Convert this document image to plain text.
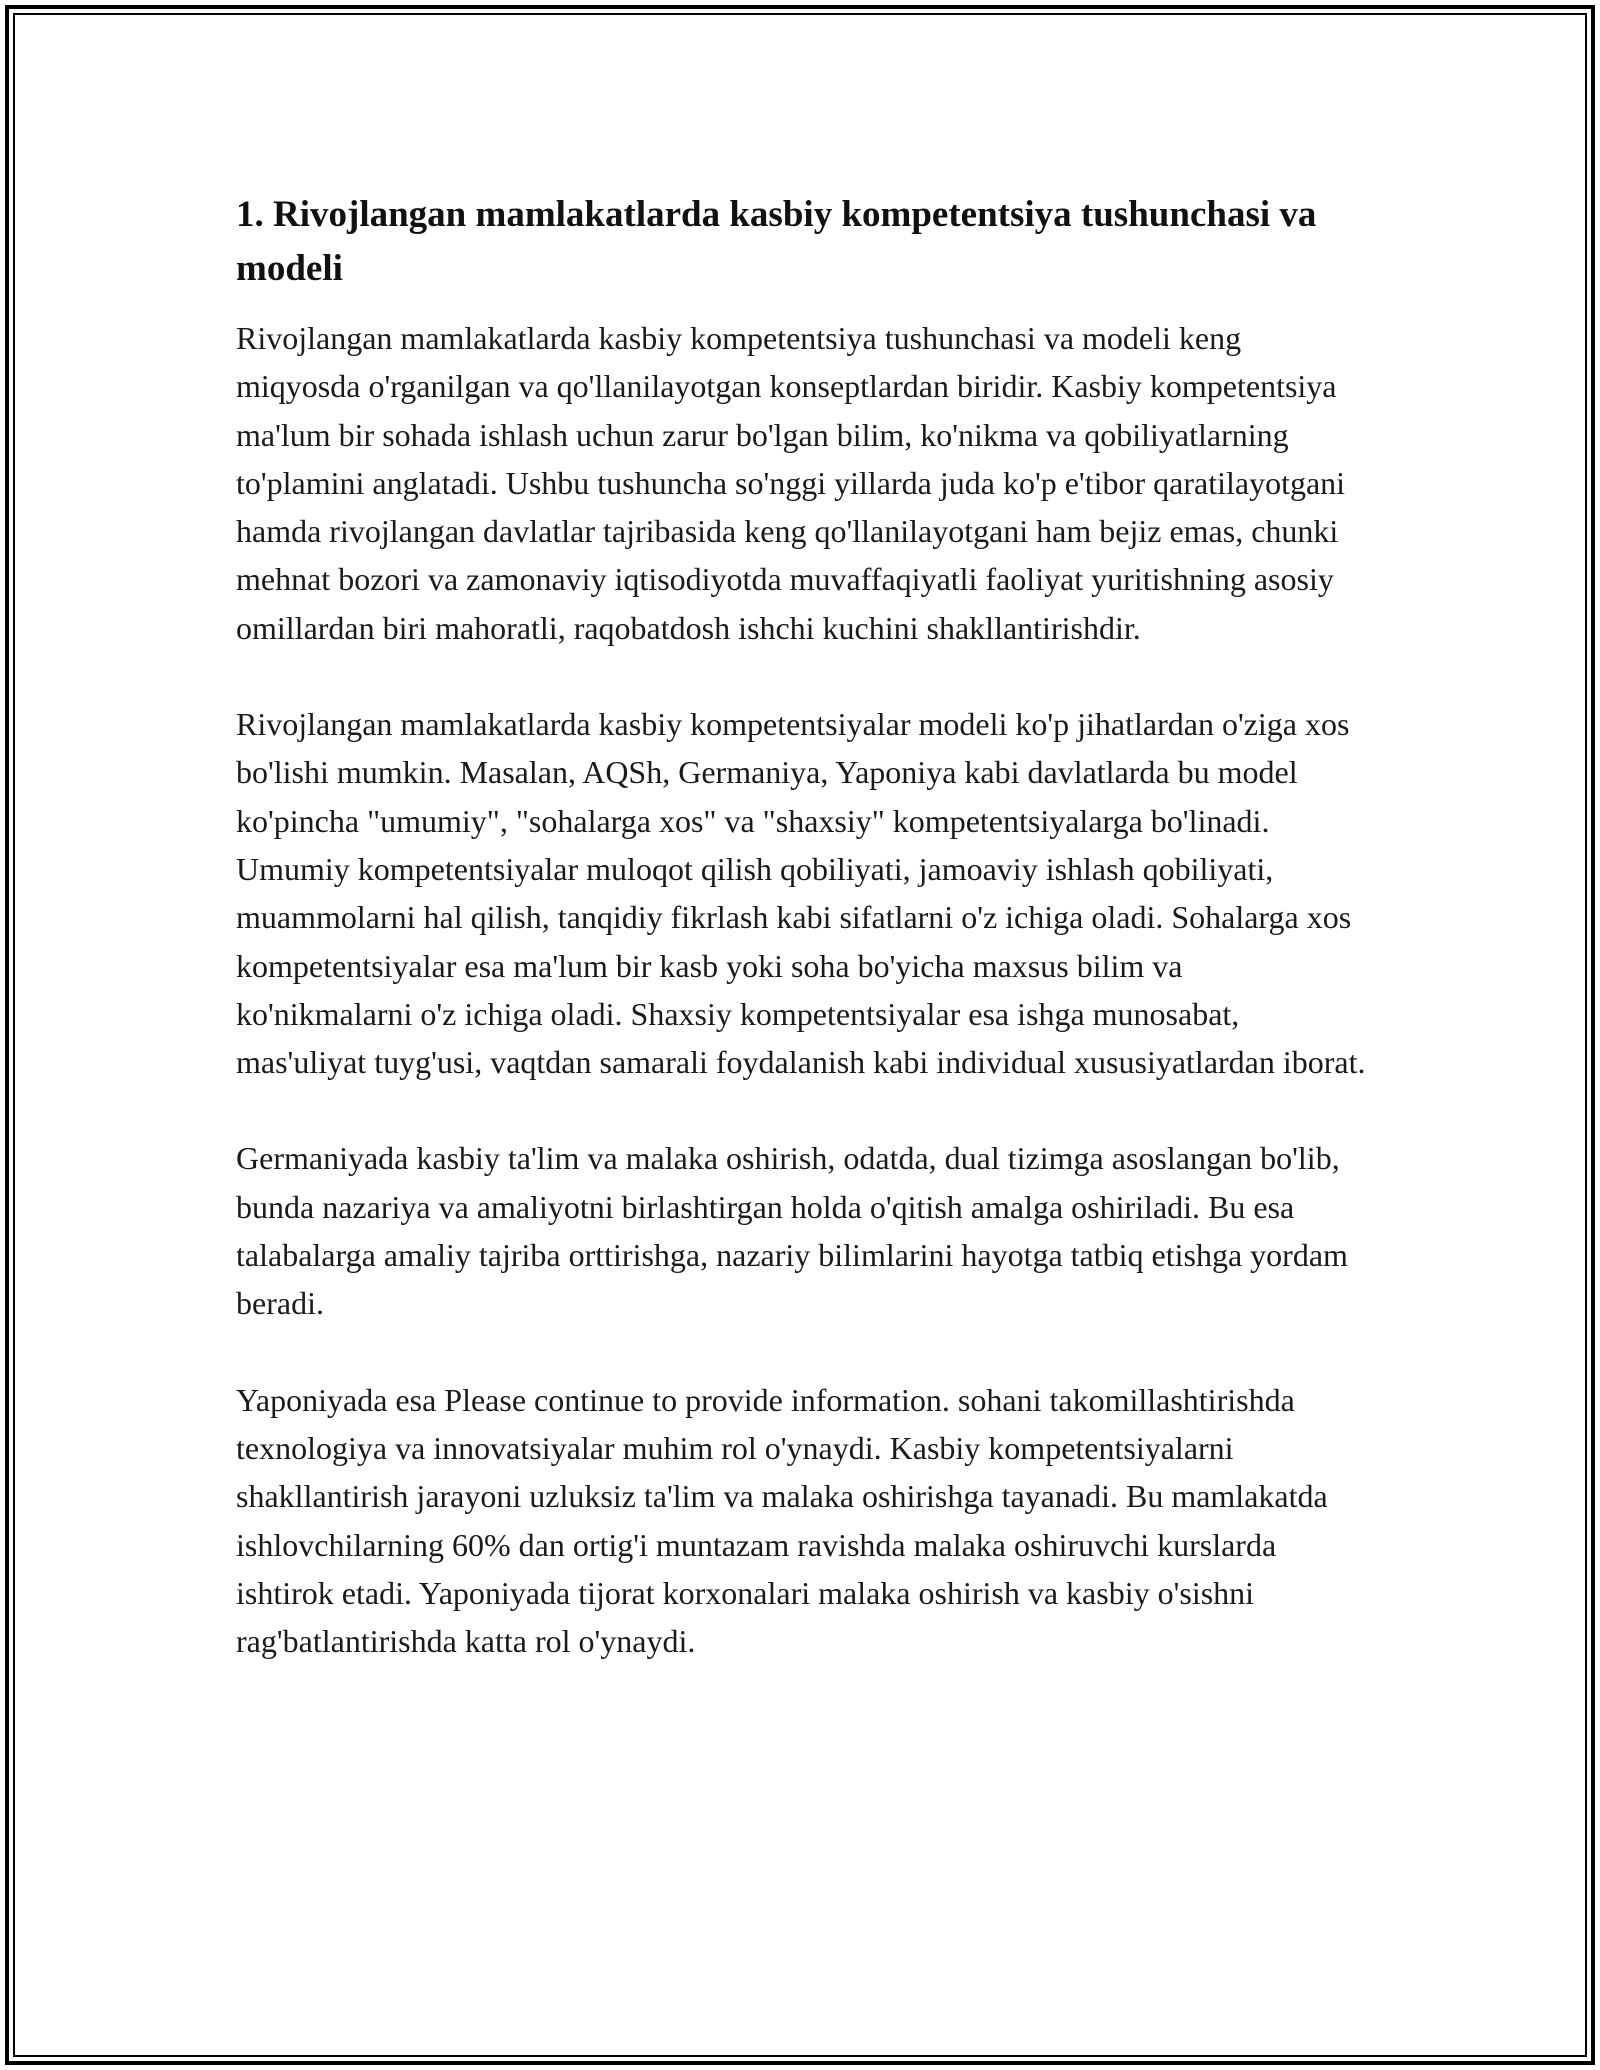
1. Rivojlangan mamlakatlarda kasbiy kompetentsiya tushunchasi va modeli

Rivojlangan mamlakatlarda kasbiy kompetentsiya tushunchasi va modeli keng miqyosda o'rganilgan va qo'llanilayotgan konseptlardan biridir. Kasbiy kompetentsiya ma'lum bir sohada ishlash uchun zarur bo'lgan bilim, ko'nikma va qobiliyatlarning to'plamini anglatadi. Ushbu tushuncha so'nggi yillarda juda ko'p e'tibor qaratilayotgani hamda rivojlangan davlatlar tajribasida keng qo'llanilayotgani ham bejiz emas, chunki mehnat bozori va zamonaviy iqtisodiyotda muvaffaqiyatli faoliyat yuritishning asosiy omillardan biri mahoratli, raqobatdosh ishchi kuchini shakllantirishdir.

Rivojlangan mamlakatlarda kasbiy kompetentsiyalar modeli ko'p jihatlardan o'ziga xos bo'lishi mumkin. Masalan, AQSh, Germaniya, Yaponiya kabi davlatlarda bu model ko'pincha "umumiy", "sohalarga xos" va "shaxsiy" kompetentsiyalarga bo'linadi. Umumiy kompetentsiyalar muloqot qilish qobiliyati, jamoaviy ishlash qobiliyati, muammolarni hal qilish, tanqidiy fikrlash kabi sifatlarni o'z ichiga oladi. Sohalarga xos kompetentsiyalar esa ma'lum bir kasb yoki soha bo'yicha maxsus bilim va ko'nikmalarni o'z ichiga oladi. Shaxsiy kompetentsiyalar esa ishga munosabat, mas'uliyat tuyg'usi, vaqtdan samarali foydalanish kabi individual xususiyatlardan iborat.

Germaniyada kasbiy ta'lim va malaka oshirish, odatda, dual tizimga asoslangan bo'lib, bunda nazariya va amaliyotni birlashtirgan holda o'qitish amalga oshiriladi. Bu esa talabalarga amaliy tajriba orttirishga, nazariy bilimlarini hayotga tatbiq etishga yordam beradi.

Yaponiyada esa Please continue to provide information. sohani takomillashtirishda texnologiya va innovatsiyalar muhim rol o'ynaydi. Kasbiy kompetentsiyalarni shakllantirish jarayoni uzluksiz ta'lim va malaka oshirishga tayanadi. Bu mamlakatda ishlovchilarning 60% dan ortig'i muntazam ravishda malaka oshiruvchi kurslarda ishtirok etadi. Yaponiyada tijorat korxonalari malaka oshirish va kasbiy o'sishni rag'batlantirishda katta rol o'ynaydi.
